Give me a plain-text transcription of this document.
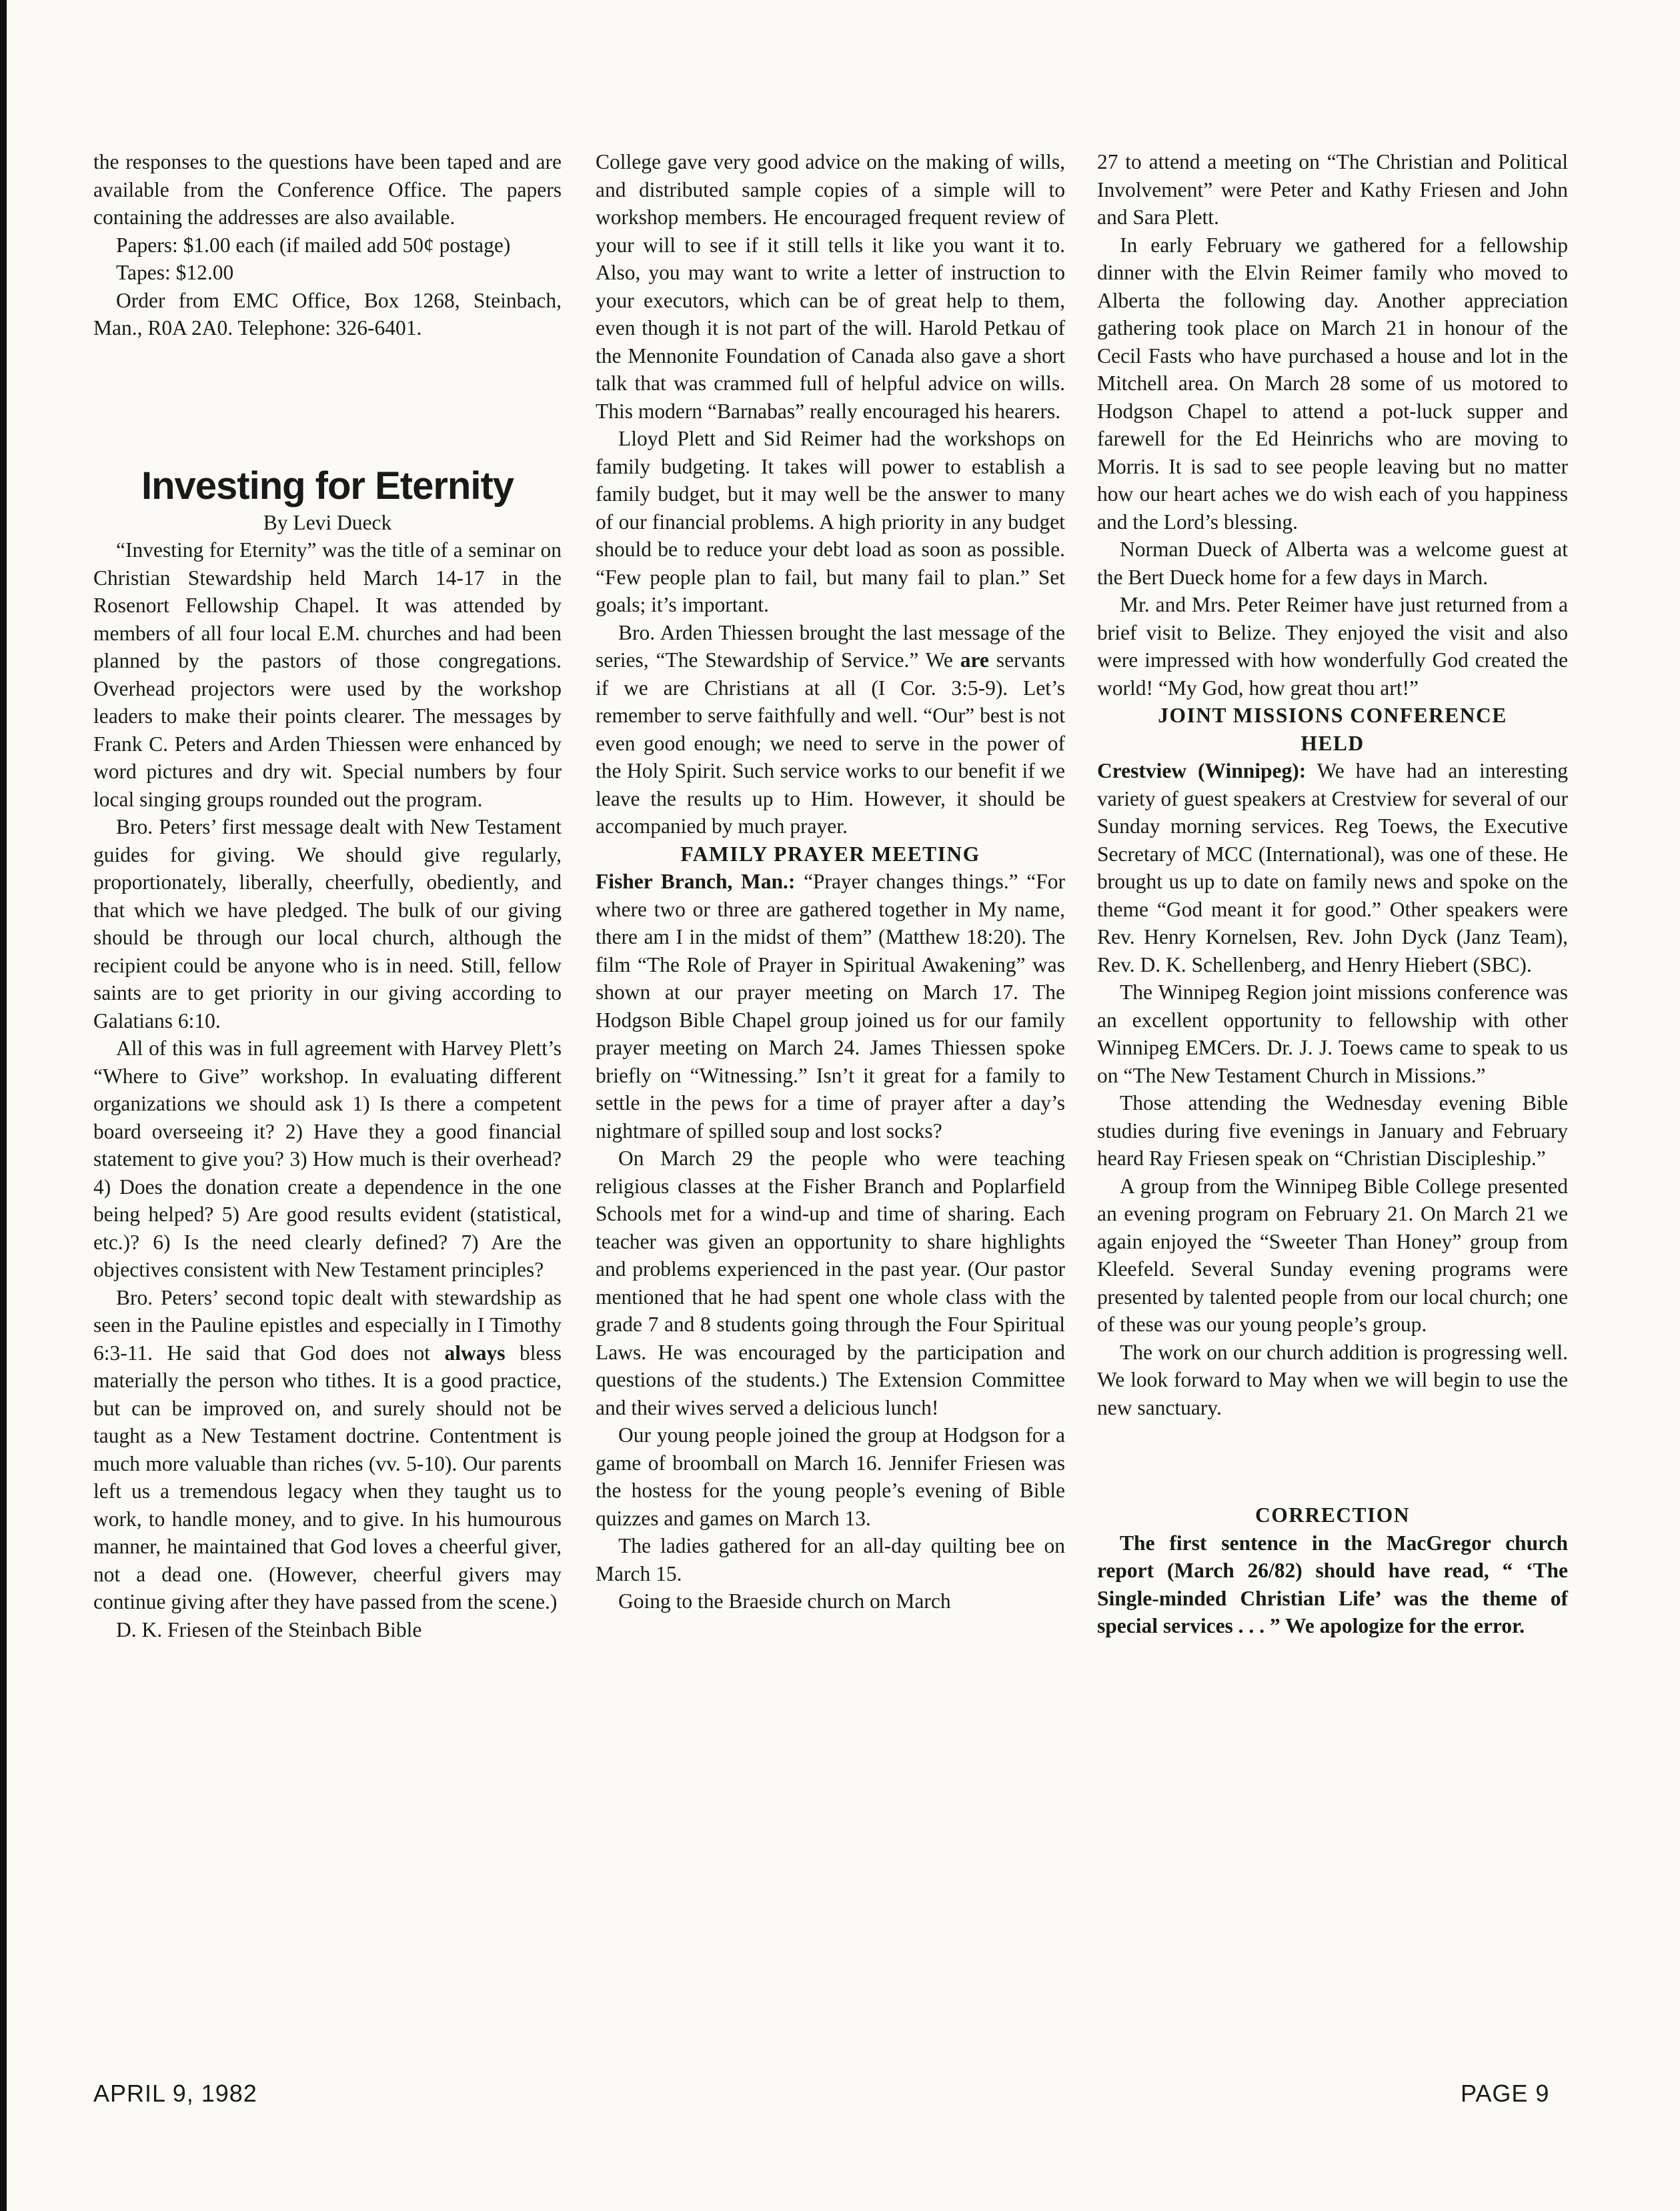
the responses to the questions have been taped and are available from the Conference Office. The papers containing the addresses are also available.

Papers: $1.00 each (if mailed add 50¢ postage)

Tapes: $12.00

Order from EMC Office, Box 1268, Steinbach, Man., R0A 2A0. Telephone: 326-6401.

Investing for Eternity

By Levi Dueck

“Investing for Eternity” was the title of a seminar on Christian Stewardship held March 14-17 in the Rosenort Fellowship Chapel. It was attended by members of all four local E.M. churches and had been planned by the pastors of those congregations. Overhead projectors were used by the workshop leaders to make their points clearer. The messages by Frank C. Peters and Arden Thiessen were enhanced by word pictures and dry wit. Special numbers by four local singing groups rounded out the program.

Bro. Peters’ first message dealt with New Testament guides for giving. We should give regularly, proportionately, liberally, cheerfully, obediently, and that which we have pledged. The bulk of our giving should be through our local church, although the recipient could be anyone who is in need. Still, fellow saints are to get priority in our giving according to Galatians 6:10.

All of this was in full agreement with Harvey Plett’s “Where to Give” workshop. In evaluating different organizations we should ask 1) Is there a competent board overseeing it? 2) Have they a good financial statement to give you? 3) How much is their overhead? 4) Does the donation create a dependence in the one being helped? 5) Are good results evident (statistical, etc.)? 6) Is the need clearly defined? 7) Are the objectives consistent with New Testament principles?

Bro. Peters’ second topic dealt with stewardship as seen in the Pauline epistles and especially in I Timothy 6:3-11. He said that God does not always bless materially the person who tithes. It is a good practice, but can be improved on, and surely should not be taught as a New Testament doctrine. Contentment is much more valuable than riches (vv. 5-10). Our parents left us a tremendous legacy when they taught us to work, to handle money, and to give. In his humourous manner, he maintained that God loves a cheerful giver, not a dead one. (However, cheerful givers may continue giving after they have passed from the scene.)

D. K. Friesen of the Steinbach Bible

College gave very good advice on the making of wills, and distributed sample copies of a simple will to workshop members. He encouraged frequent review of your will to see if it still tells it like you want it to. Also, you may want to write a letter of instruction to your executors, which can be of great help to them, even though it is not part of the will. Harold Petkau of the Mennonite Foundation of Canada also gave a short talk that was crammed full of helpful advice on wills. This modern “Barnabas” really encouraged his hearers.

Lloyd Plett and Sid Reimer had the workshops on family budgeting. It takes will power to establish a family budget, but it may well be the answer to many of our financial problems. A high priority in any budget should be to reduce your debt load as soon as possible. “Few people plan to fail, but many fail to plan.” Set goals; it’s important.

Bro. Arden Thiessen brought the last message of the series, “The Stewardship of Service.” We are servants if we are Christians at all (I Cor. 3:5-9). Let’s remember to serve faithfully and well. “Our” best is not even good enough; we need to serve in the power of the Holy Spirit. Such service works to our benefit if we leave the results up to Him. However, it should be accompanied by much prayer.

FAMILY PRAYER MEETING

Fisher Branch, Man.: “Prayer changes things.” “For where two or three are gathered together in My name, there am I in the midst of them” (Matthew 18:20). The film “The Role of Prayer in Spiritual Awakening” was shown at our prayer meeting on March 17. The Hodgson Bible Chapel group joined us for our family prayer meeting on March 24. James Thiessen spoke briefly on “Witnessing.” Isn’t it great for a family to settle in the pews for a time of prayer after a day’s nightmare of spilled soup and lost socks?

On March 29 the people who were teaching religious classes at the Fisher Branch and Poplarfield Schools met for a wind-up and time of sharing. Each teacher was given an opportunity to share highlights and problems experienced in the past year. (Our pastor mentioned that he had spent one whole class with the grade 7 and 8 students going through the Four Spiritual Laws. He was encouraged by the participation and questions of the students.) The Extension Committee and their wives served a delicious lunch!

Our young people joined the group at Hodgson for a game of broomball on March 16. Jennifer Friesen was the hostess for the young people’s evening of Bible quizzes and games on March 13.

The ladies gathered for an all-day quilting bee on March 15.

Going to the Braeside church on March

27 to attend a meeting on “The Christian and Political Involvement” were Peter and Kathy Friesen and John and Sara Plett.

In early February we gathered for a fellowship dinner with the Elvin Reimer family who moved to Alberta the following day. Another appreciation gathering took place on March 21 in honour of the Cecil Fasts who have purchased a house and lot in the Mitchell area. On March 28 some of us motored to Hodgson Chapel to attend a pot-luck supper and farewell for the Ed Heinrichs who are moving to Morris. It is sad to see people leaving but no matter how our heart aches we do wish each of you happiness and the Lord’s blessing.

Norman Dueck of Alberta was a welcome guest at the Bert Dueck home for a few days in March.

Mr. and Mrs. Peter Reimer have just returned from a brief visit to Belize. They enjoyed the visit and also were impressed with how wonderfully God created the world! “My God, how great thou art!”

JOINT MISSIONS CONFERENCE
HELD

Crestview (Winnipeg): We have had an interesting variety of guest speakers at Crestview for several of our Sunday morning services. Reg Toews, the Executive Secretary of MCC (International), was one of these. He brought us up to date on family news and spoke on the theme “God meant it for good.” Other speakers were Rev. Henry Kornelsen, Rev. John Dyck (Janz Team), Rev. D. K. Schellenberg, and Henry Hiebert (SBC).

The Winnipeg Region joint missions conference was an excellent opportunity to fellowship with other Winnipeg EMCers. Dr. J. J. Toews came to speak to us on “The New Testament Church in Missions.”

Those attending the Wednesday evening Bible studies during five evenings in January and February heard Ray Friesen speak on “Christian Discipleship.”

A group from the Winnipeg Bible College presented an evening program on February 21. On March 21 we again enjoyed the “Sweeter Than Honey” group from Kleefeld. Several Sunday evening programs were presented by talented people from our local church; one of these was our young people’s group.

The work on our church addition is progressing well. We look forward to May when we will begin to use the new sanctuary.

CORRECTION

The first sentence in the MacGregor church report (March 26/82) should have read, “ ‘The Single-minded Christian Life’ was the theme of special services . . . ” We apologize for the error.

APRIL 9, 1982	PAGE 9
